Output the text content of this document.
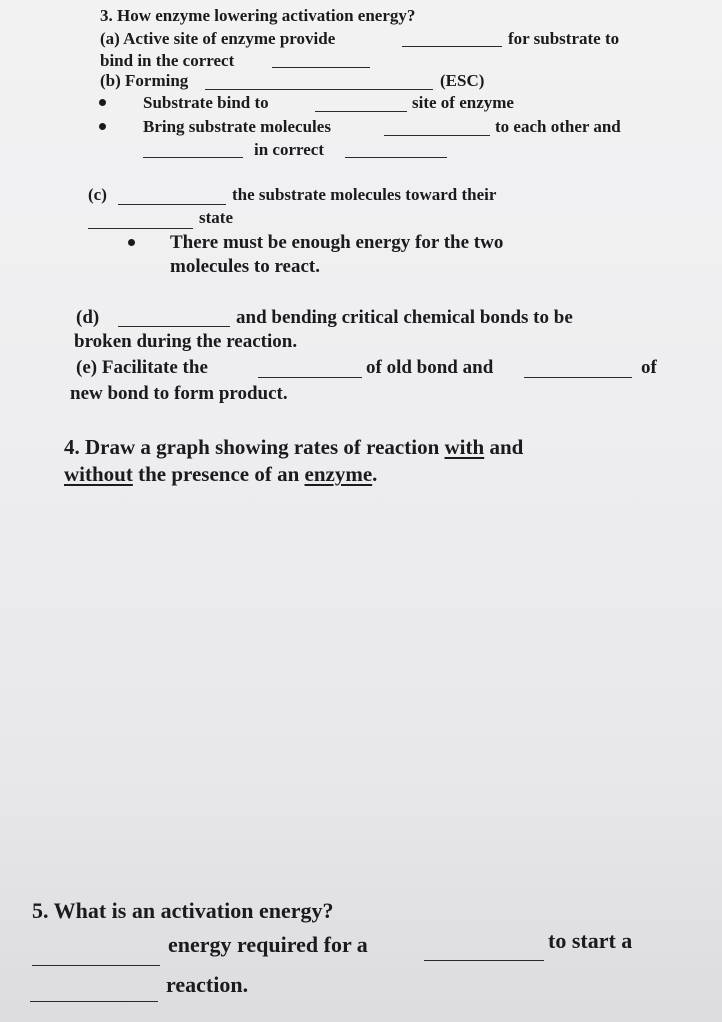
3. How enzyme lowering activation energy?
(a) Active site of enzyme provide	for substrate to
bind in the correct
(b) Forming	(ESC)
Substrate bind to	site of enzyme
Bring substrate molecules	to each other and
in correct
(c)	the substrate molecules toward their
state
There must be enough energy for the two
molecules to react.
(d)	and bending critical chemical bonds to be
broken during the reaction.
(e) Facilitate the	of old bond and	of
new bond to form product.
4. Draw a graph showing rates of reaction with and
without the presence of an enzyme.
5. What is an activation energy?
energy required for a	to start a
reaction.
